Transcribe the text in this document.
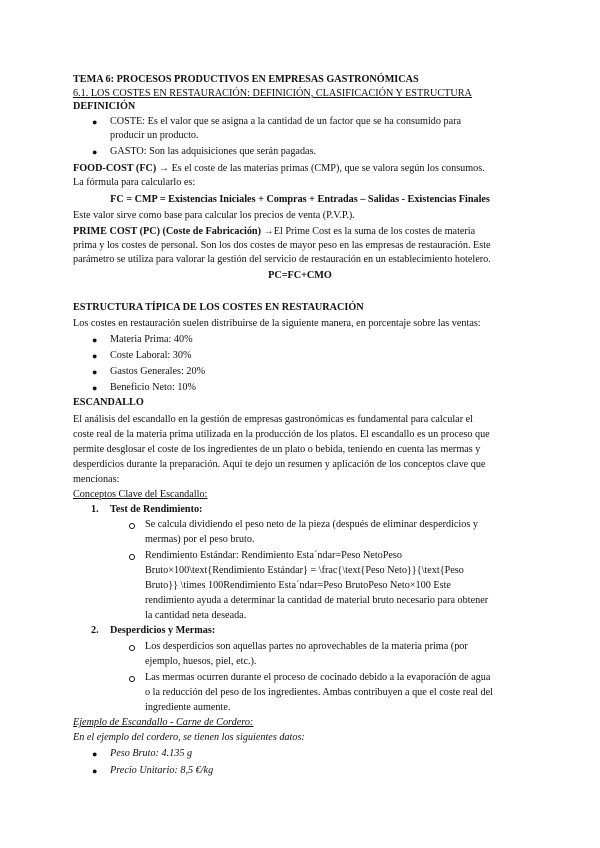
TEMA 6: PROCESOS PRODUCTIVOS EN EMPRESAS GASTRONÓMICAS
6.1. LOS COSTES EN RESTAURACIÓN: DEFINICIÓN, CLASIFICACIÓN Y ESTRUCTURA
DEFINICIÓN
● COSTE: Es el valor que se asigna a la cantidad de un factor que se ha consumido para
producir un producto.
● GASTO: Son las adquisiciones que serán pagadas.
FOOD-COST (FC) → Es el coste de las materias primas (CMP), que se valora según los consumos.
La fórmula para calcularlo es:
FC = CMP = Existencias Iniciales + Compras + Entradas – Salidas - Existencias Finales
Este valor sirve como base para calcular los precios de venta (P.V.P.).
PRIME COST (PC) (Coste de Fabricación) →El Prime Cost es la suma de los costes de materia
prima y los costes de personal. Son los dos costes de mayor peso en las empresas de restauración. Este
parámetro se utiliza para valorar la gestión del servicio de restauración en un establecimiento hotelero.
PC=FC+CMO
ESTRUCTURA TÍPICA DE LOS COSTES EN RESTAURACIÓN
Los costes en restauración suelen distribuirse de la siguiente manera, en porcentaje sobre las ventas:
● Materia Prima: 40%
● Coste Laboral: 30%
● Gastos Generales: 20%
● Beneficio Neto: 10%
ESCANDALLO
El análisis del escandallo en la gestión de empresas gastronómicas es fundamental para calcular el
coste real de la materia prima utilizada en la producción de los platos. El escandallo es un proceso que
permite desglosar el coste de los ingredientes de un plato o bebida, teniendo en cuenta las mermas y
desperdicios durante la preparación. Aquí te dejo un resumen y aplicación de los conceptos clave que
mencionas:
Conceptos Clave del Escandallo:
1. Test de Rendimiento:
Se calcula dividiendo el peso neto de la pieza (después de eliminar desperdicios y
mermas) por el peso bruto.
Rendimiento Estándar: Rendimiento Esta´ndar=Peso NetoPeso
Bruto×100\text{Rendimiento Estándar} = \frac{\text{Peso Neto}}{\text{Peso
Bruto}} \times 100Rendimiento Esta´ndar=Peso BrutoPeso Neto×100 Este
rendimiento ayuda a determinar la cantidad de material bruto necesario para obtener
la cantidad neta deseada.
2. Desperdicios y Mermas:
Los desperdicios son aquellas partes no aprovechables de la materia prima (por
ejemplo, huesos, piel, etc.).
Las mermas ocurren durante el proceso de cocinado debido a la evaporación de agua
o la reducción del peso de los ingredientes. Ambas contribuyen a que el coste real del
ingrediente aumente.
Ejemplo de Escandallo - Carne de Cordero:
En el ejemplo del cordero, se tienen los siguientes datos:
● Peso Bruto: 4.135 g
● Precio Unitario: 8,5 €/kg
